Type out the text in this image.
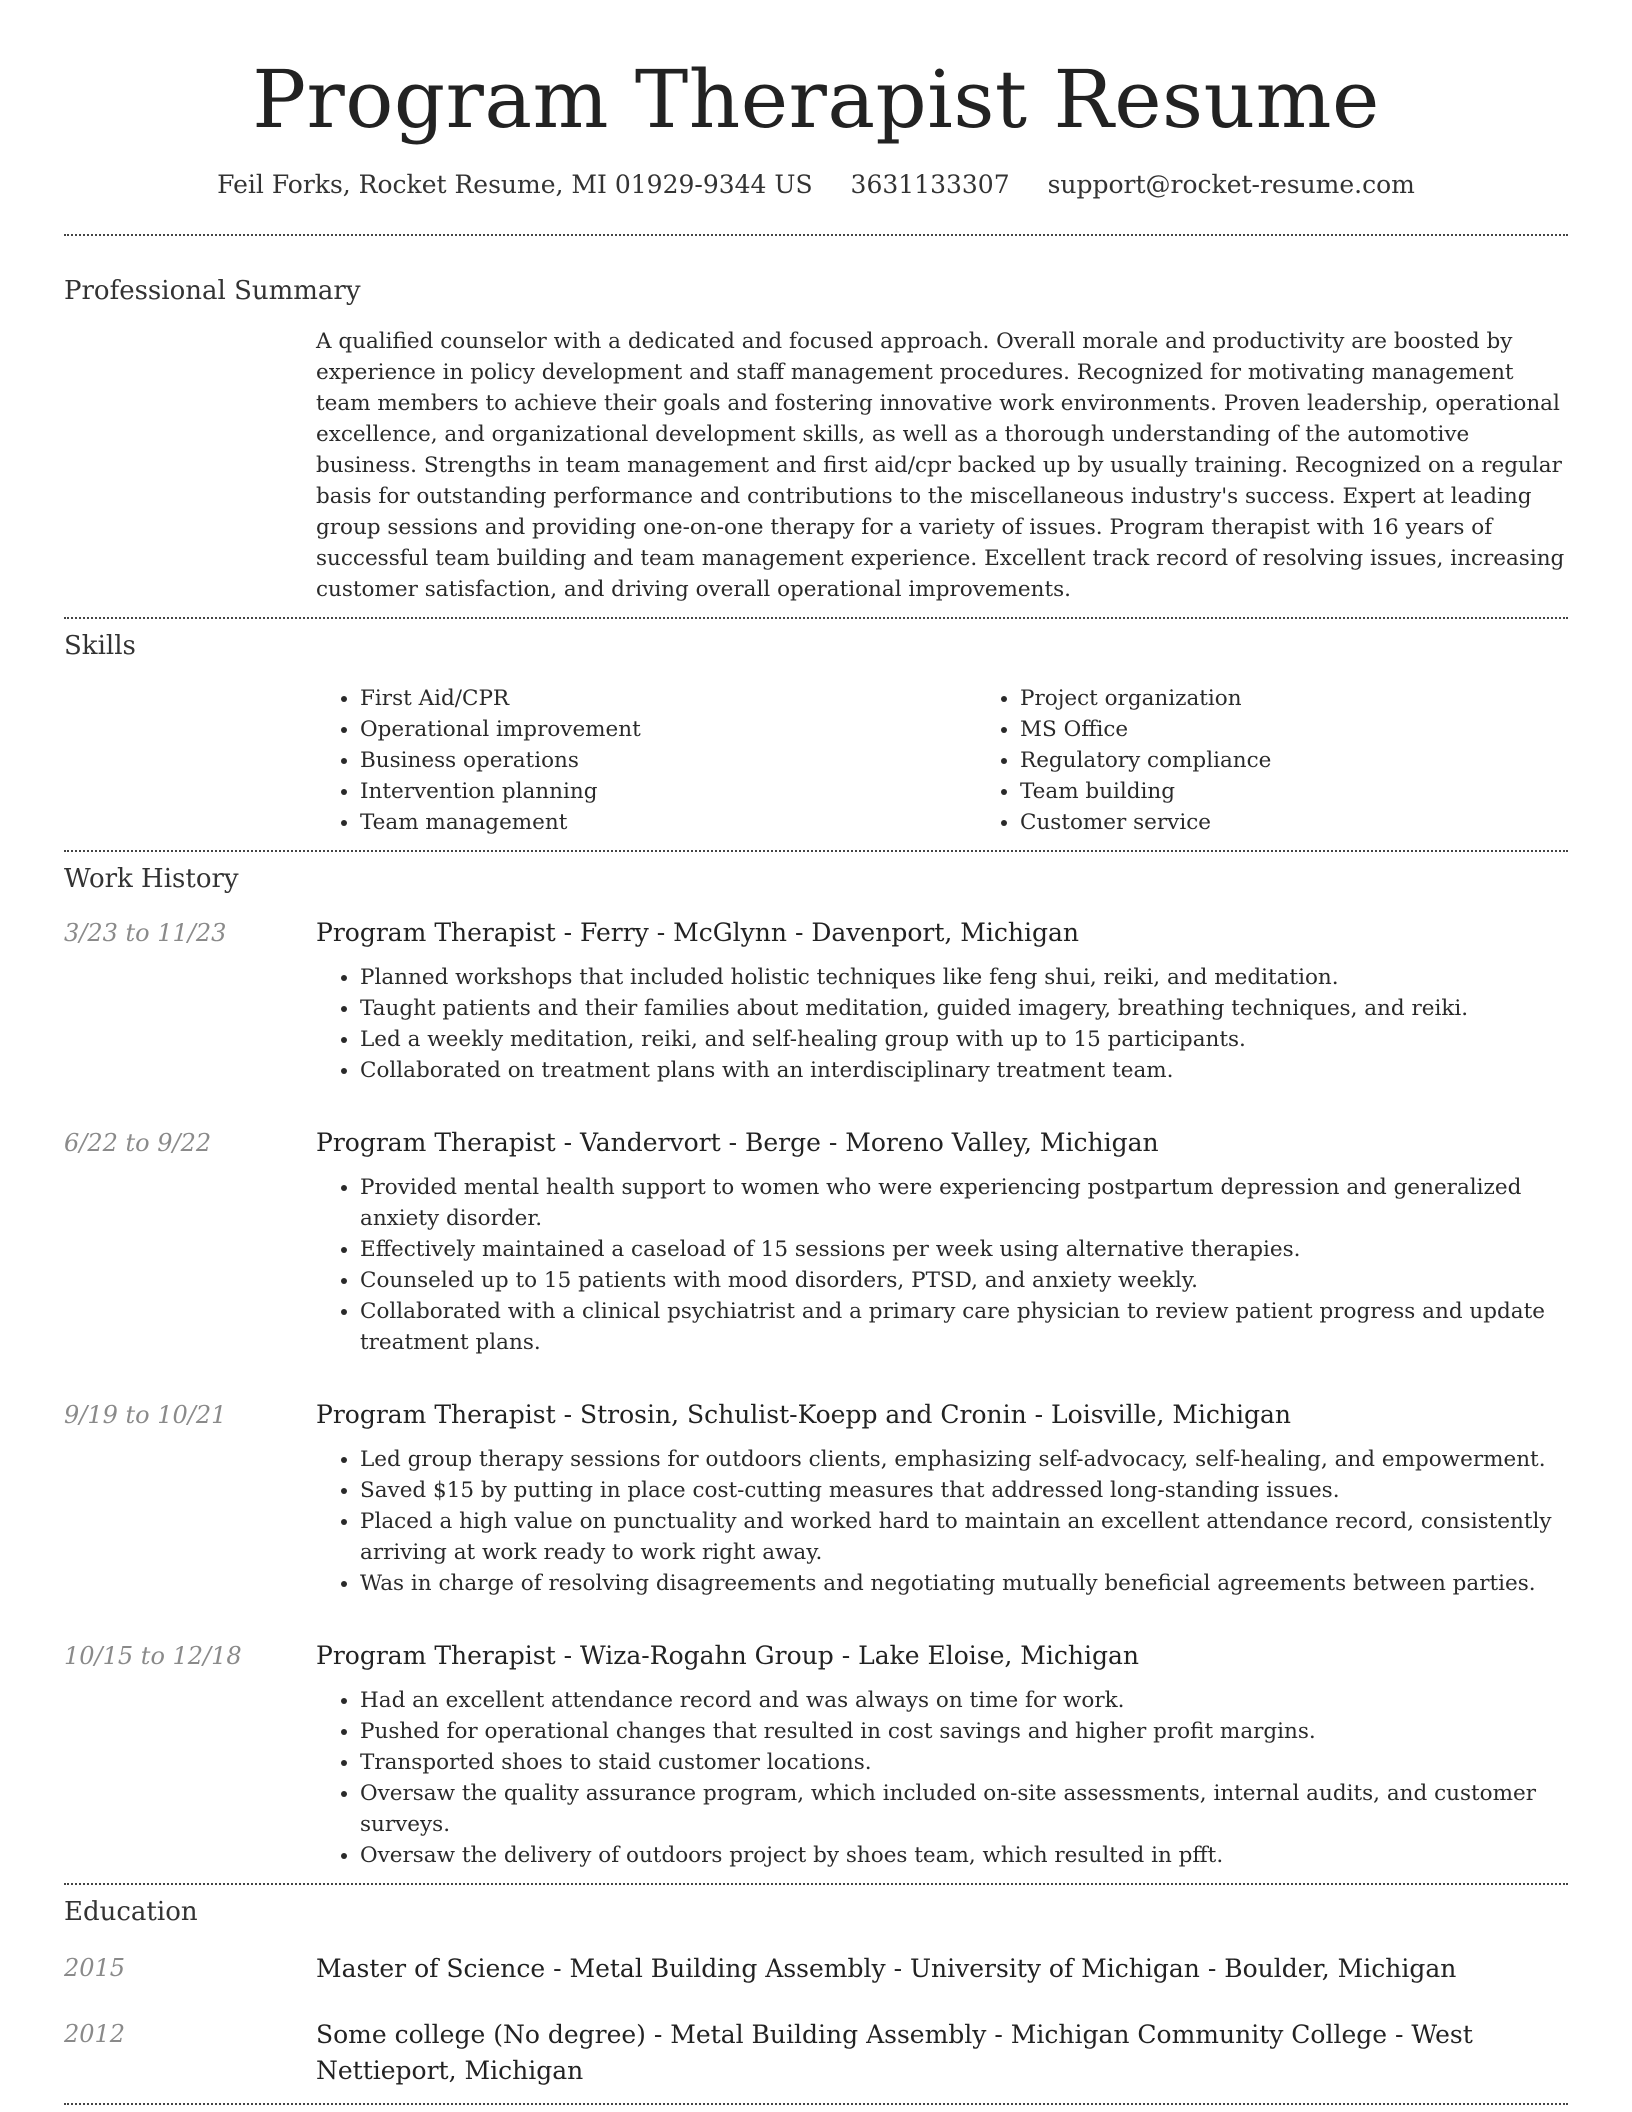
Program Therapist Resume
Feil Forks, Rocket Resume, MI 01929-9344 US 3631133307 support@rocket-resume.com
Professional Summary

A qualified counselor with a dedicated and focused approach. Overall morale and productivity are boosted by experience in policy development and staff management procedures. Recognized for motivating management team members to achieve their goals and fostering innovative work environments. Proven leadership, operational excellence, and organizational development skills, as well as a thorough understanding of the automotive business. Strengths in team management and first aid/cpr backed up by usually training. Recognized on a regular basis for outstanding performance and contributions to the miscellaneous industry's success. Expert at leading group sessions and providing one-on-one therapy for a variety of issues. Program therapist with 16 years of successful team building and team management experience. Excellent track record of resolving issues, increasing customer satisfaction, and driving overall operational improvements.

Skills
• First Aid/CPR
• Operational improvement
• Business operations
• Intervention planning
• Team management
• Project organization
• MS Office
• Regulatory compliance
• Team building
• Customer service
Work History
3/23 to 11/23	Program Therapist - Ferry - McGlynn - Davenport, Michigan
• Planned workshops that included holistic techniques like feng shui, reiki, and meditation.
• Taught patients and their families about meditation, guided imagery, breathing techniques, and reiki.
• Led a weekly meditation, reiki, and self-healing group with up to 15 participants.
• Collaborated on treatment plans with an interdisciplinary treatment team.
6/22 to 9/22	Program Therapist - Vandervort - Berge - Moreno Valley, Michigan
• Provided mental health support to women who were experiencing postpartum depression and generalized anxiety disorder.
• Effectively maintained a caseload of 15 sessions per week using alternative therapies.
• Counseled up to 15 patients with mood disorders, PTSD, and anxiety weekly.
• Collaborated with a clinical psychiatrist and a primary care physician to review patient progress and update treatment plans.
9/19 to 10/21	Program Therapist - Strosin, Schulist-Koepp and Cronin - Loisville, Michigan
• Led group therapy sessions for outdoors clients, emphasizing self-advocacy, self-healing, and empowerment.
• Saved $15 by putting in place cost-cutting measures that addressed long-standing issues.
• Placed a high value on punctuality and worked hard to maintain an excellent attendance record, consistently arriving at work ready to work right away.
• Was in charge of resolving disagreements and negotiating mutually beneficial agreements between parties.
10/15 to 12/18	Program Therapist - Wiza-Rogahn Group - Lake Eloise, Michigan
• Had an excellent attendance record and was always on time for work.
• Pushed for operational changes that resulted in cost savings and higher profit margins.
• Transported shoes to staid customer locations.
• Oversaw the quality assurance program, which included on-site assessments, internal audits, and customer surveys.
• Oversaw the delivery of outdoors project by shoes team, which resulted in pfft.
Education
2015	Master of Science - Metal Building Assembly - University of Michigan - Boulder, Michigan
2012	Some college (No degree) - Metal Building Assembly - Michigan Community College - West Nettieport, Michigan
